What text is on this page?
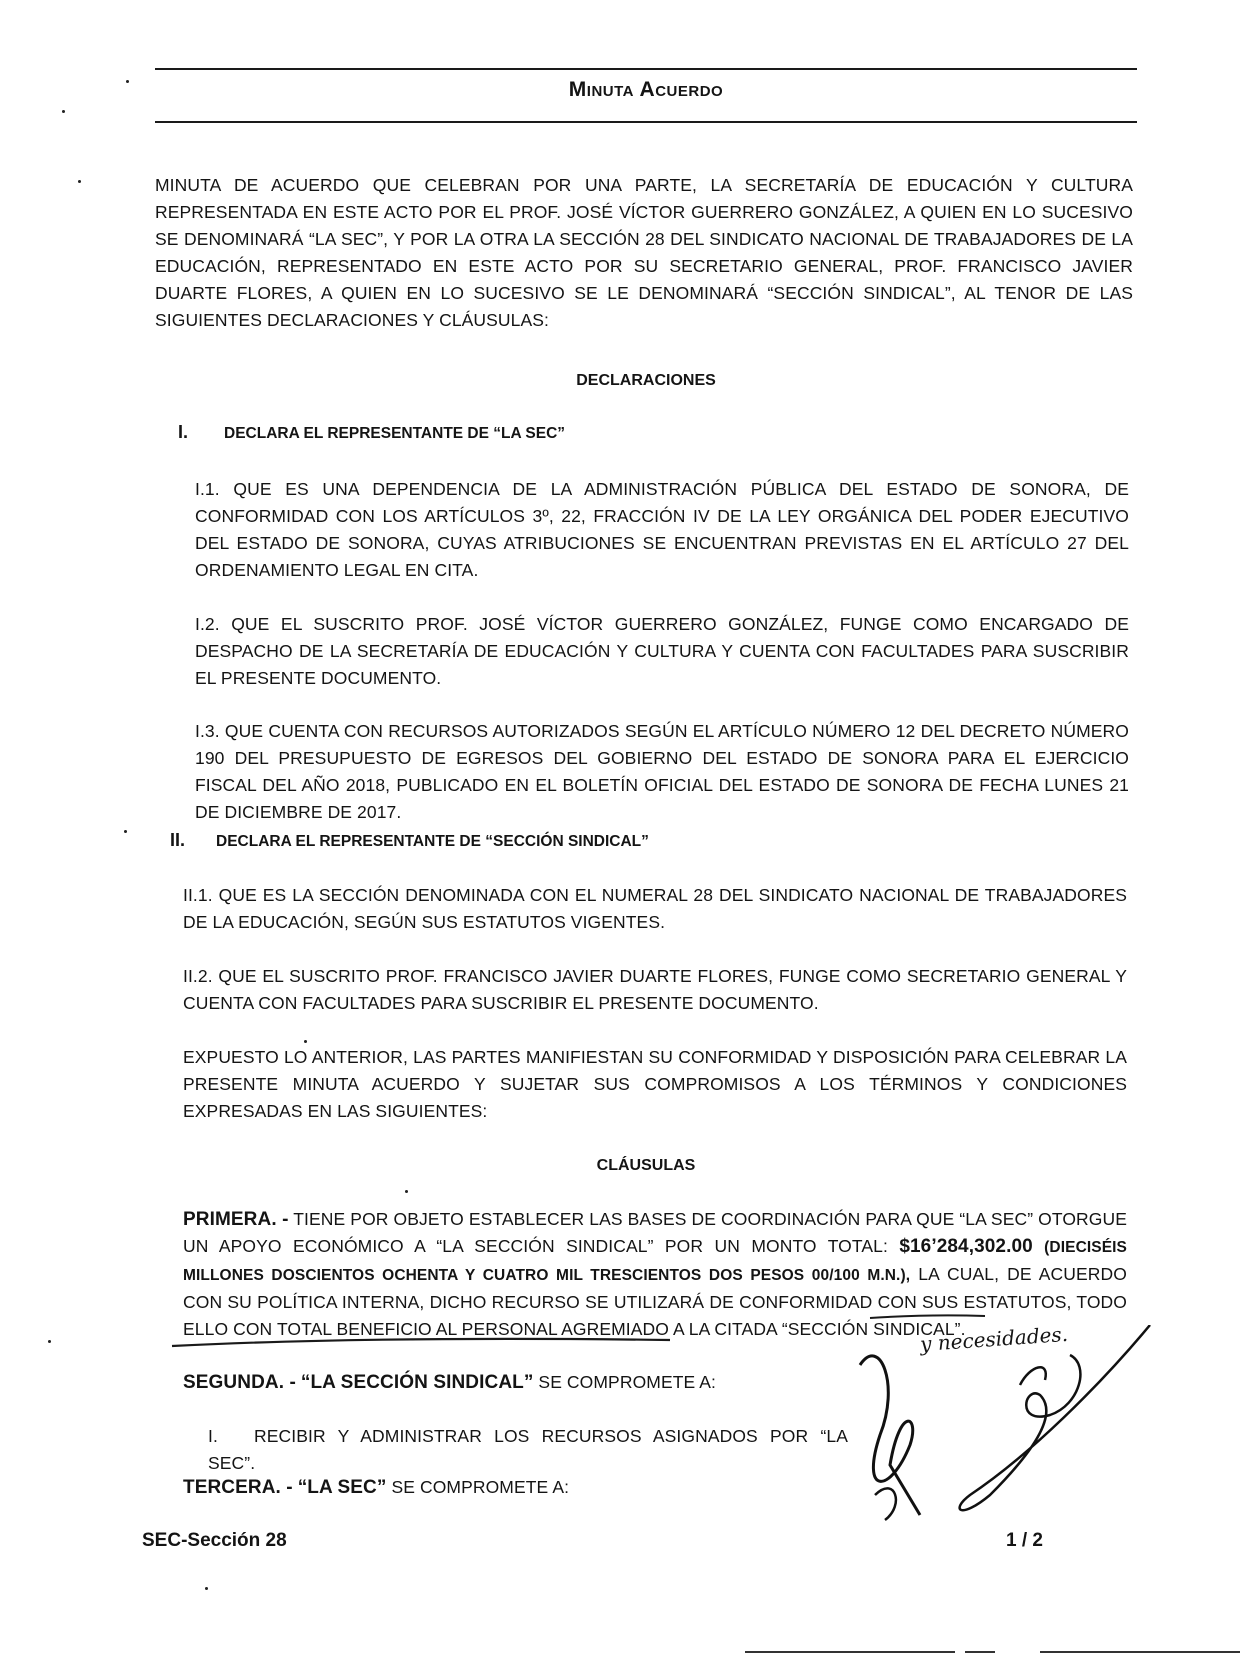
Minuta Acuerdo
MINUTA DE ACUERDO QUE CELEBRAN POR UNA PARTE, LA SECRETARÍA DE EDUCACIÓN Y CULTURA REPRESENTADA EN ESTE ACTO POR EL PROF. JOSÉ VÍCTOR GUERRERO GONZÁLEZ, A QUIEN EN LO SUCESIVO SE DENOMINARÁ “LA SEC”, Y POR LA OTRA LA SECCIÓN 28 DEL SINDICATO NACIONAL DE TRABAJADORES DE LA EDUCACIÓN, REPRESENTADO EN ESTE ACTO POR SU SECRETARIO GENERAL, PROF. FRANCISCO JAVIER DUARTE FLORES, A QUIEN EN LO SUCESIVO SE LE DENOMINARÁ “SECCIÓN SINDICAL”, AL TENOR DE LAS SIGUIENTES DECLARACIONES Y CLÁUSULAS:
DECLARACIONES
I. DECLARA EL REPRESENTANTE DE “LA SEC”
I.1. QUE ES UNA DEPENDENCIA DE LA ADMINISTRACIÓN PÚBLICA DEL ESTADO DE SONORA, DE CONFORMIDAD CON LOS ARTÍCULOS 3º, 22, FRACCIÓN IV DE LA LEY ORGÁNICA DEL PODER EJECUTIVO DEL ESTADO DE SONORA, CUYAS ATRIBUCIONES SE ENCUENTRAN PREVISTAS EN EL ARTÍCULO 27 DEL ORDENAMIENTO LEGAL EN CITA.
I.2. QUE EL SUSCRITO PROF. JOSÉ VÍCTOR GUERRERO GONZÁLEZ, FUNGE COMO ENCARGADO DE DESPACHO DE LA SECRETARÍA DE EDUCACIÓN Y CULTURA Y CUENTA CON FACULTADES PARA SUSCRIBIR EL PRESENTE DOCUMENTO.
I.3. QUE CUENTA CON RECURSOS AUTORIZADOS SEGÚN EL ARTÍCULO NÚMERO 12 DEL DECRETO NÚMERO 190 DEL PRESUPUESTO DE EGRESOS DEL GOBIERNO DEL ESTADO DE SONORA PARA EL EJERCICIO FISCAL DEL AÑO 2018, PUBLICADO EN EL BOLETÍN OFICIAL DEL ESTADO DE SONORA DE FECHA LUNES 21 DE DICIEMBRE DE 2017.
II. DECLARA EL REPRESENTANTE DE “SECCIÓN SINDICAL”
II.1. QUE ES LA SECCIÓN DENOMINADA CON EL NUMERAL 28 DEL SINDICATO NACIONAL DE TRABAJADORES DE LA EDUCACIÓN, SEGÚN SUS ESTATUTOS VIGENTES.
II.2. QUE EL SUSCRITO PROF. FRANCISCO JAVIER DUARTE FLORES, FUNGE COMO SECRETARIO GENERAL Y CUENTA CON FACULTADES PARA SUSCRIBIR EL PRESENTE DOCUMENTO.
EXPUESTO LO ANTERIOR, LAS PARTES MANIFIESTAN SU CONFORMIDAD Y DISPOSICIÓN PARA CELEBRAR LA PRESENTE MINUTA ACUERDO Y SUJETAR SUS COMPROMISOS A LOS TÉRMINOS Y CONDICIONES EXPRESADAS EN LAS SIGUIENTES:
CLÁUSULAS
PRIMERA. - TIENE POR OBJETO ESTABLECER LAS BASES DE COORDINACIÓN PARA QUE “LA SEC” OTORGUE UN APOYO ECONÓMICO A “LA SECCIÓN SINDICAL” POR UN MONTO TOTAL: $16’284,302.00 (DIECISÉIS MILLONES DOSCIENTOS OCHENTA Y CUATRO MIL TRESCIENTOS DOS PESOS 00/100 M.N.), LA CUAL, DE ACUERDO CON SU POLÍTICA INTERNA, DICHO RECURSO SE UTILIZARÁ DE CONFORMIDAD CON SUS ESTATUTOS, TODO ELLO CON TOTAL BENEFICIO AL PERSONAL AGREMIADO A LA CITADA “SECCIÓN SINDICAL”.
SEGUNDA. - “LA SECCIÓN SINDICAL” SE COMPROMETE A:
I. RECIBIR Y ADMINISTRAR LOS RECURSOS ASIGNADOS POR “LA SEC”.
TERCERA. - “LA SEC” SE COMPROMETE A:
y necesidades.
SEC-Sección 28	1 / 2
